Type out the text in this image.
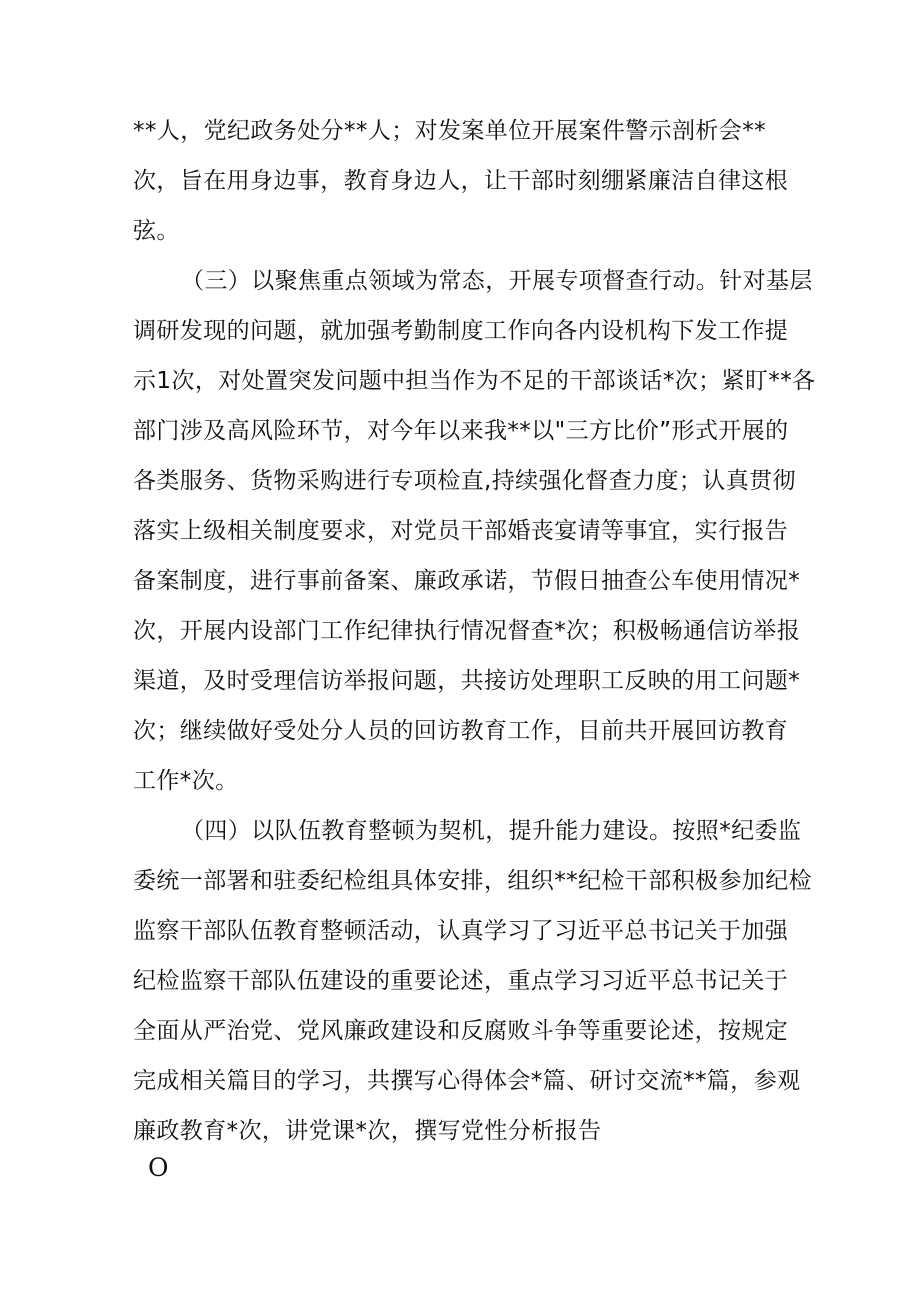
**人，党纪政务处分**人；对发案单位开展案件警示剖析会**
次，旨在用身边事，教育身边人，让干部时刻绷紧廉洁自律这根
弦。
（三）以聚焦重点领域为常态，开展专项督查行动。针对基层
调研发现的问题，就加强考勤制度工作向各内设机构下发工作提
示1次，对处置突发问题中担当作为不足的干部谈话*次；紧盯**各
部门涉及高风险环节，对今年以来我**以"三方比价”形式开展的
各类服务、货物采购进行专项检直,持续强化督查力度；认真贯彻
落实上级相关制度要求，对党员干部婚丧宴请等事宜，实行报告
备案制度，进行事前备案、廉政承诺，节假日抽查公车使用情况*
次，开展内设部门工作纪律执行情况督查*次；积极畅通信访举报
渠道，及时受理信访举报问题，共接访处理职工反映的用工问题*
次；继续做好受处分人员的回访教育工作，目前共开展回访教育
工作*次。
（四）以队伍教育整顿为契机，提升能力建设。按照*纪委监
委统一部署和驻委纪检组具体安排，组织**纪检干部积极参加纪检
监察干部队伍教育整顿活动，认真学习了习近平总书记关于加强
纪检监察干部队伍建设的重要论述，重点学习习近平总书记关于
全面从严治党、党风廉政建设和反腐败斗争等重要论述，按规定
完成相关篇目的学习，共撰写心得体会*篇、研讨交流**篇，参观
廉政教育*次，讲党课*次，撰写党性分析报告
O
